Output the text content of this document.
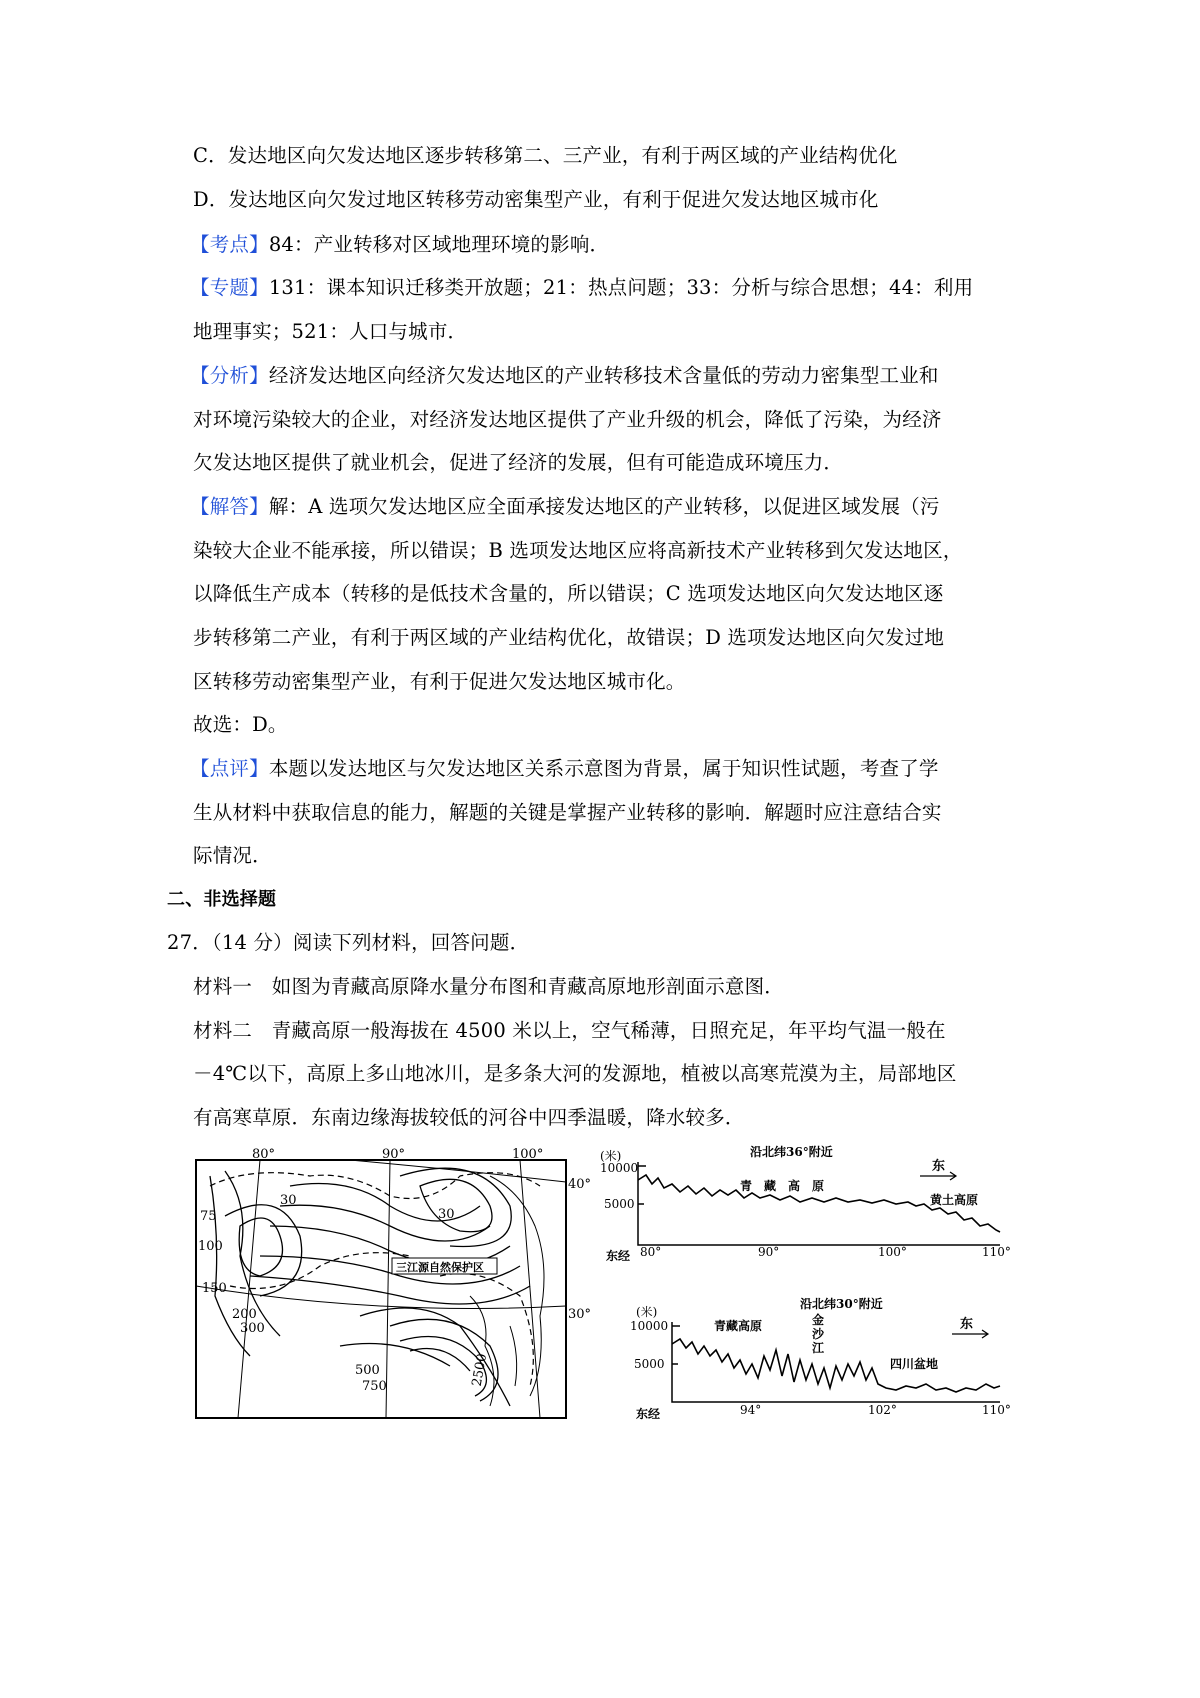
C．发达地区向欠发达地区逐步转移第二、三产业，有利于两区域的产业结构优化
D．发达地区向欠发过地区转移劳动密集型产业，有利于促进欠发达地区城市化
【考点】84：产业转移对区域地理环境的影响．
【专题】131：课本知识迁移类开放题；21：热点问题；33：分析与综合思想；44：利用
地理事实；521：人口与城市．
【分析】经济发达地区向经济欠发达地区的产业转移技术含量低的劳动力密集型工业和
对环境污染较大的企业，对经济发达地区提供了产业升级的机会，降低了污染，为经济
欠发达地区提供了就业机会，促进了经济的发展，但有可能造成环境压力．
【解答】解：A 选项欠发达地区应全面承接发达地区的产业转移，以促进区域发展（污
染较大企业不能承接，所以错误；B 选项发达地区应将高新技术产业转移到欠发达地区，
以降低生产成本（转移的是低技术含量的，所以错误；C 选项发达地区向欠发达地区逐
步转移第二产业，有利于两区域的产业结构优化，故错误；D 选项发达地区向欠发过地
区转移劳动密集型产业，有利于促进欠发达地区城市化。
故选：D。
【点评】本题以发达地区与欠发达地区关系示意图为背景，属于知识性试题，考查了学
生从材料中获取信息的能力，解题的关键是掌握产业转移的影响．解题时应注意结合实
际情况．
二、非选择题
27．（14 分）阅读下列材料，回答问题．
材料一　如图为青藏高原降水量分布图和青藏高原地形剖面示意图．
材料二　青藏高原一般海拔在 4500 米以上，空气稀薄，日照充足，年平均气温一般在
－4℃以下，高原上多山地冰川，是多条大河的发源地，植被以高寒荒漠为主，局部地区
有高寒草原．东南边缘海拔较低的河谷中四季温暖，降水较多．
三江源自然保护区
80°	90°	100°
40°
30°
30
30
75
100
150
200
300
500
750	2500
(米)
10000
5000
沿北纬36°附近
东
青　藏　高　原
黄土高原
东经 80°	90°	100°	110°
(米)
10000
5000
沿北纬30°附近
东
青藏高原	金
沙
江
四川盆地
东经	94°	102°	110°
